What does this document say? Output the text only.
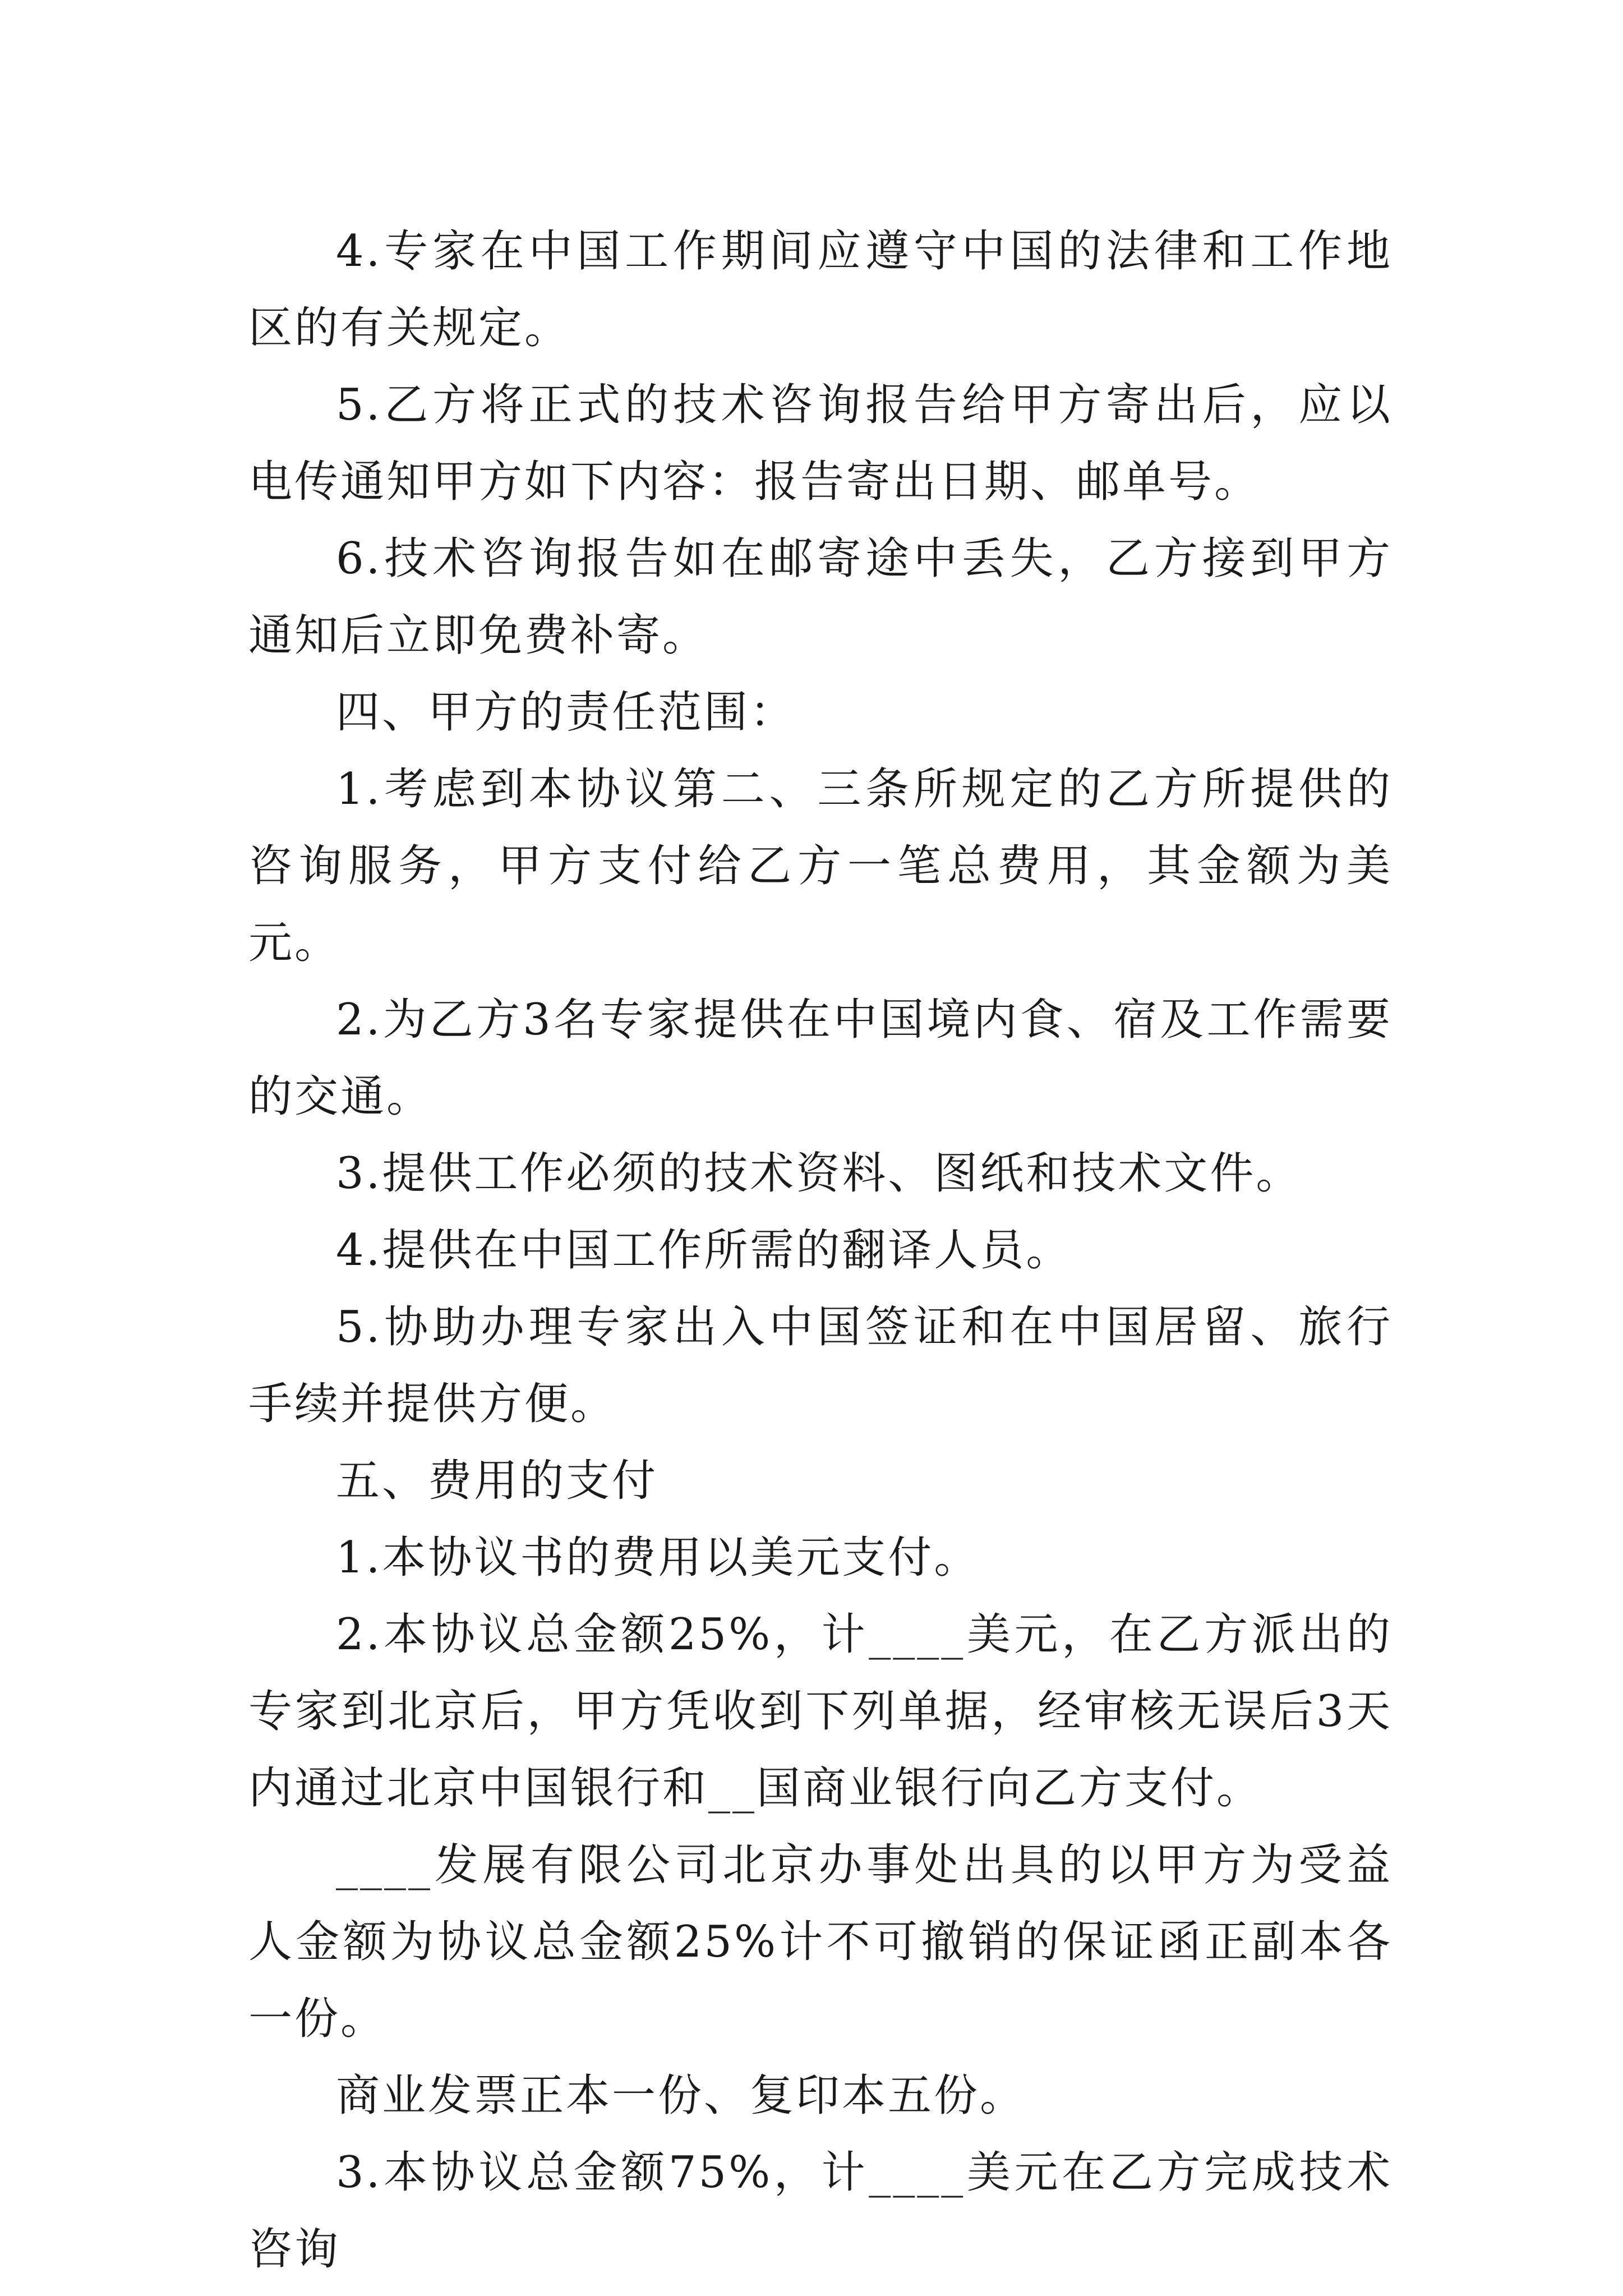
4.专家在中国工作期间应遵守中国的法律和工作地区的有关规定。

5.乙方将正式的技术咨询报告给甲方寄出后，应以电传通知甲方如下内容：报告寄出日期、邮单号。

6.技术咨询报告如在邮寄途中丢失，乙方接到甲方通知后立即免费补寄。

四、甲方的责任范围：

1.考虑到本协议第二、三条所规定的乙方所提供的咨询服务，甲方支付给乙方一笔总费用，其金额为美元。

2.为乙方3名专家提供在中国境内食、宿及工作需要的交通。

3.提供工作必须的技术资料、图纸和技术文件。

4.提供在中国工作所需的翻译人员。

5.协助办理专家出入中国签证和在中国居留、旅行手续并提供方便。

五、费用的支付

1.本协议书的费用以美元支付。

2.本协议总金额25%，计____美元，在乙方派出的专家到北京后，甲方凭收到下列单据，经审核无误后3天内通过北京中国银行和__国商业银行向乙方支付。

____发展有限公司北京办事处出具的以甲方为受益人金额为协议总金额25%计不可撤销的保证函正副本各一份。

商业发票正本一份、复印本五份。

3.本协议总金额75%，计____美元在乙方完成技术咨询
